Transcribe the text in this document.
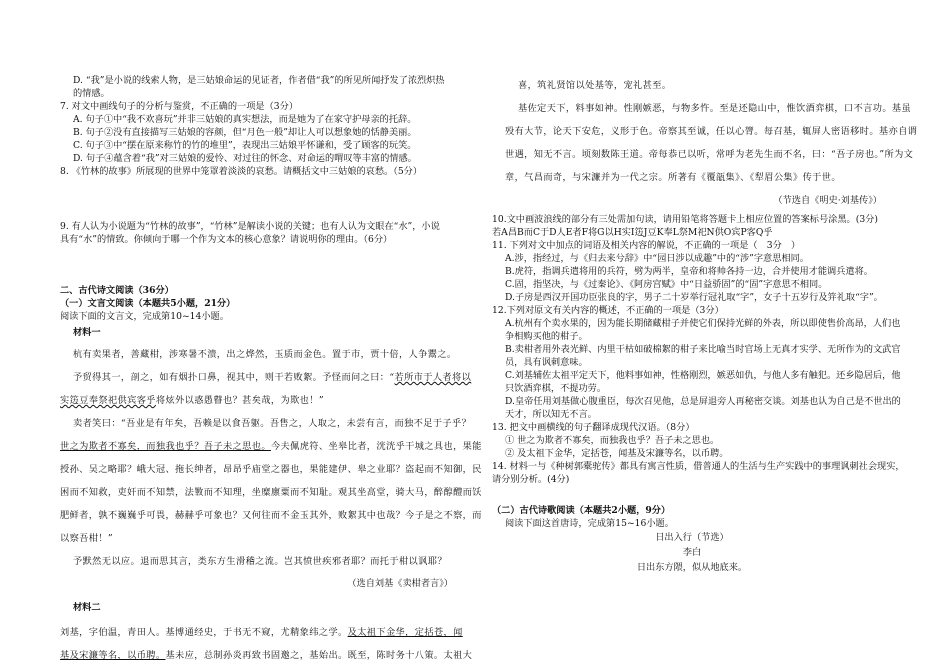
D. “我”是小说的线索人物，是三姑娘命运的见证者，作者借“我”的所见所闻抒发了浓烈炽热

的情感。

7. 对文中画线句子的分析与鉴赏，不正确的一项是（3分）

A. 句子①中“我不欢喜玩”并非三姑娘的真实想法，而是她为了在家守护母亲的托辞。

B. 句子②没有直接描写三姑娘的容颜，但“月色一般”却让人可以想象她的恬静美丽。

C. 句子③中“摆在原来称竹的竹的堆里”，表现出三姑娘平怀谦和，受了顾客的玩笑。

D. 句子④蕴含着“我”对三姑娘的爱怜、对过往的怀念、对命运的喟叹等丰富的情感。

8. 《竹林的故事》所展现的世界中笼罩着淡淡的哀愁。请概括文中三姑娘的哀愁。（5分）

9. 有人认为小说题为“竹林的故事”，“竹林”是解读小说的关键；也有人认为文眼在“水”，小说

具有“水”的情致。你倾向于哪一个作为文本的核心意象？请说明你的理由。（6分）

二、古代诗文阅读（36分）

（一）文言文阅读（本题共5小题，21分）

阅读下面的文言文，完成第10~14小题。

材料一

杭有卖果者，善藏柑，涉寒暑不溃，出之烨然，玉质而金色。置于市，贾十倍，人争鬻之。

予贸得其一，剖之，如有烟扑口鼻，视其中，则干若败絮。予怪而问之曰：“若所市于人者将以

实笾豆奉祭祀供宾客乎将炫外以惑愚瞽也？甚矣哉，为欺也！”

卖者笑曰：“吾业是有年矣，吾赖是以食吾躯。吾售之，人取之，未尝有言，而独不足于子乎？

世之为欺者不寡矣，而独我也乎？吾子未之思也。今夫佩虎符、坐皋比者，洸洸乎干城之具也，果能

授孙、吴之略耶？峨大冠、拖长绅者，昂昂乎庙堂之器也，果能建伊、皋之业耶？盗起而不知御，民

困而不知救，吏奸而不知禁，法斁而不知理，坐糜廪粟而不知耻。观其坐高堂，骑大马，醉醇醴而饫

肥鲜者，孰不巍巍乎可畏，赫赫乎可象也？又何往而不金玉其外，败絮其中也哉？今子是之不察，而

以察吾柑！”

予默然无以应。退而思其言，类东方生滑稽之流。岂其愤世疾邪者耶？而托于柑以讽耶？

（选自刘基《卖柑者言》）

材料二

刘基，字伯温，青田人。基博通经史，于书无不窥，尤精象纬之学。及太祖下金华，定括苍，闻

基及宋濂等名，以币聘。基未应，总制孙炎再致书固邀之，基始出。既至，陈时务十八策。太祖大

喜，筑礼贤馆以处基等，宠礼甚至。

基佐定天下，料事如神。性刚嫉恶，与物多忤。至是还隐山中，惟饮酒弈棋，口不言功。基虽

殁有大节，论天下安危，义形于色。帝察其至诚，任以心膂。每召基，辄屏人密语移时。基亦自谓

世遇，知无不言。顷刻数陈王道。帝每恭已以听，常呼为老先生而不名，曰：“吾子房也。”所为文

章，气昌而奇，与宋濂并为一代之宗。所著有《覆瓿集》、《犁眉公集》传于世。

（节选自《明史·刘基传》）

10.文中画波浪线的部分有三处需加句读，请用铅笔将答题卡上相应位置的答案标号涂黑。(3分)

若A昌B而C于D人E者F将G以H实I笾J豆K奉L祭M祀N供O宾P客Q乎

11. 下列对文中加点的词语及相关内容的解说，不正确的一项是（　3分　）

A.涉，指经过，与《归去来兮辞》中“园日涉以成趣”中的“涉”字意思相同。

B.虎符，指调兵遣将用的兵符，劈为两半，皇帝和将帅各持一边，合并使用才能调兵遣将。

C.固，指坚决，与《过秦论》、《阿房宫赋》中“日益骄固”的“固”字意思不相同。

D.子房是西汉开国功臣张良的字，男子二十岁举行冠礼取“字”，女子十五岁行及笄礼取“字”。

12.下列对原文有关内容的概述，不正确的一项是（3分）

A.杭州有个卖水果的，因为能长期储藏柑子并使它们保持光鲜的外表，所以即使售价高昂，人们也

争相购买他的柑子。

B.卖柑者用外表光鲜、内里干枯如破棉絮的柑子来比喻当时官场上无真才实学、无所作为的文武官

员，具有讽刺意味。

C.刘基辅佐太祖平定天下，他料事如神，性格刚烈，嫉恶如仇，与他人多有触犯。还乡隐居后，他

只饮酒弈棋，不提功劳。

D.皇帝任用刘基做心腹重臣，每次召见他，总是屏退旁人再秘密交谈。刘基也认为自己是不世出的

天才，所以知无不言。

13. 把文中画横线的句子翻译成现代汉语。（8分）

① 世之为欺者不寡矣，而独我也乎？吾子未之思也。

② 及太祖下金华，定括苍，闻基及宋濂等名，以币聘。

14. 材料一与《种树郭橐驼传》都具有寓言性质，借普通人的生活与生产实践中的事理讽刺社会现实，

请分别分析。(4分)

（二）古代诗歌阅读（本题共2小题，9分）

阅读下面这首唐诗，完成第15~16小题。

日出入行（节选）

李白

日出东方隈，似从地底来。
